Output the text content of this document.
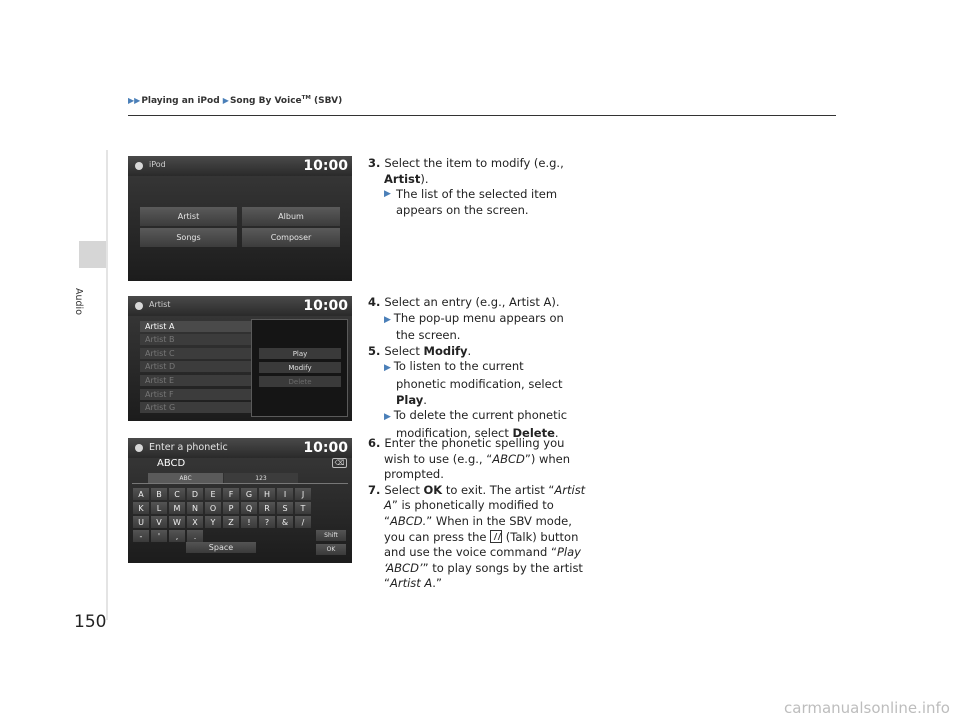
Audio
▶▶Playing an iPod ▶Song By Voice™ (SBV)
iPod	10:00
Artist	Album
Songs	Composer
Artist	10:00
Artist A
Artist B
Artist C
Artist D
Artist E
Artist F
Artist G
Play
Modify
Delete
Enter a phonetic	10:00
ABCD	⌫
ABC	123
A	B	C	D	E	F	G	H	I	J
K	L	M	N	O	P	Q	R	S	T
U	V	W	X	Y	Z	!	?	&	/
-	'	,	.
Space
Shift
OK
3. Select the item to modify (e.g.,
Artist).
▶ The list of the selected item
appears on the screen.
4. Select an entry (e.g., Artist A).
▶ The pop-up menu appears on
the screen.
5. Select Modify.
▶ To listen to the current
phonetic modification, select
Play.
▶ To delete the current phonetic
modification, select Delete.
6. Enter the phonetic spelling you
wish to use (e.g., “ABCD”) when
prompted.
7. Select OK to exit. The artist “Artist
A” is phonetically modified to
“ABCD.” When in the SBV mode,
you can press the  (Talk) button
and use the voice command “Play
‘ABCD’” to play songs by the artist
“Artist A.”
150
carmanualsonline.info
